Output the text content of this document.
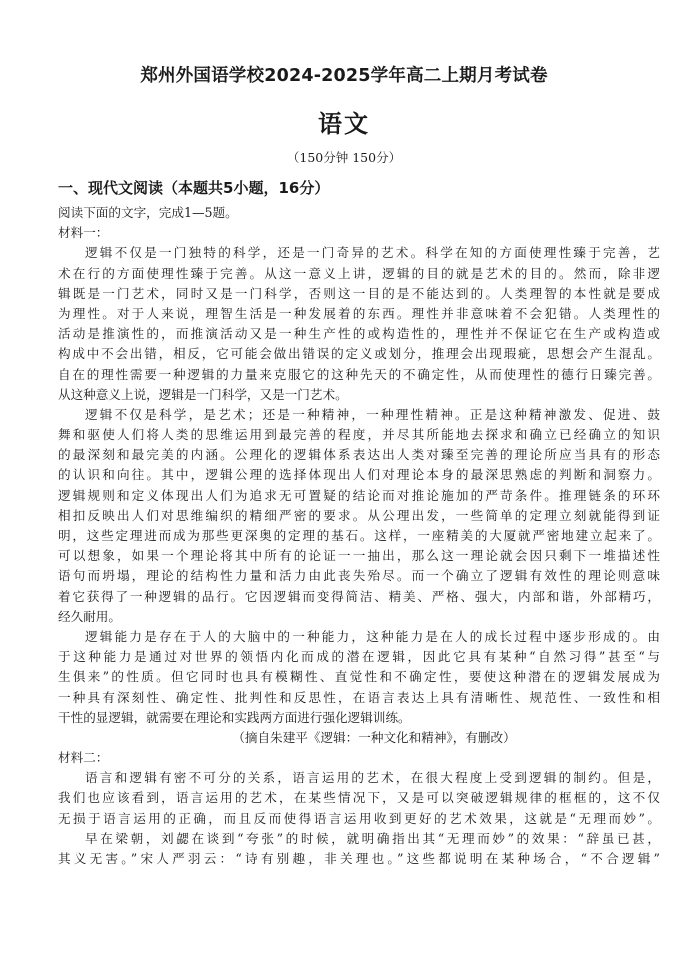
郑州外国语学校2024-2025学年高二上期月考试卷
语文
（150分钟 150分）
一、现代文阅读（本题共5小题，16分）
阅读下面的文字，完成1—5题。
材料一：
逻辑不仅是一门独特的科学，还是一门奇异的艺术。科学在知的方面使理性臻于完善，艺
术在行的方面使理性臻于完善。从这一意义上讲，逻辑的目的就是艺术的目的。然而，除非逻
辑既是一门艺术，同时又是一门科学，否则这一目的是不能达到的。人类理智的本性就是要成
为理性。对于人来说，理智生活是一种发展着的东西。理性并非意味着不会犯错。人类理性的
活动是推演性的，而推演活动又是一种生产性的或构造性的，理性并不保证它在生产或构造或
构成中不会出错，相反，它可能会做出错误的定义或划分，推理会出现瑕疵，思想会产生混乱。
自在的理性需要一种逻辑的力量来克服它的这种先天的不确定性，从而使理性的德行日臻完善。
从这种意义上说，逻辑是一门科学，又是一门艺术。
逻辑不仅是科学，是艺术；还是一种精神，一种理性精神。正是这种精神激发、促进、鼓
舞和驱使人们将人类的思维运用到最完善的程度，并尽其所能地去探求和确立已经确立的知识
的最深刻和最完美的内涵。公理化的逻辑体系表达出人类对臻至完善的理论所应当具有的形态
的认识和向往。其中，逻辑公理的选择体现出人们对理论本身的最深思熟虑的判断和洞察力。
逻辑规则和定义体现出人们为追求无可置疑的结论而对推论施加的严苛条件。推理链条的环环
相扣反映出人们对思维编织的精细严密的要求。从公理出发，一些简单的定理立刻就能得到证
明，这些定理进而成为那些更深奥的定理的基石。这样，一座精美的大厦就严密地建立起来了。
可以想象，如果一个理论将其中所有的论证一一抽出，那么这一理论就会因只剩下一堆描述性
语句而坍塌，理论的结构性力量和活力由此丧失殆尽。而一个确立了逻辑有效性的理论则意味
着它获得了一种逻辑的品行。它因逻辑而变得简洁、精美、严格、强大，内部和谐，外部精巧，
经久耐用。
逻辑能力是存在于人的大脑中的一种能力，这种能力是在人的成长过程中逐步形成的。由
于这种能力是通过对世界的领悟内化而成的潜在逻辑，因此它具有某种“自然习得”甚至“与
生俱来”的性质。但它同时也具有模糊性、直觉性和不确定性，要使这种潜在的逻辑发展成为
一种具有深刻性、确定性、批判性和反思性，在语言表达上具有清晰性、规范性、一致性和相
干性的显逻辑，就需要在理论和实践两方面进行强化逻辑训练。
（摘自朱建平《逻辑：一种文化和精神》，有删改）
材料二：
语言和逻辑有密不可分的关系，语言运用的艺术，在很大程度上受到逻辑的制约。但是，
我们也应该看到，语言运用的艺术，在某些情况下，又是可以突破逻辑规律的框框的，这不仅
无损于语言运用的正确，而且反而使得语言运用收到更好的艺术效果，这就是“无理而妙”。
早在梁朝，刘勰在谈到“夸张”的时候，就明确指出其“无理而妙”的效果：“辞虽已甚，
其义无害。”宋人严羽云：“诗有别趣，非关理也。”这些都说明在某种场合，“不合逻辑”
